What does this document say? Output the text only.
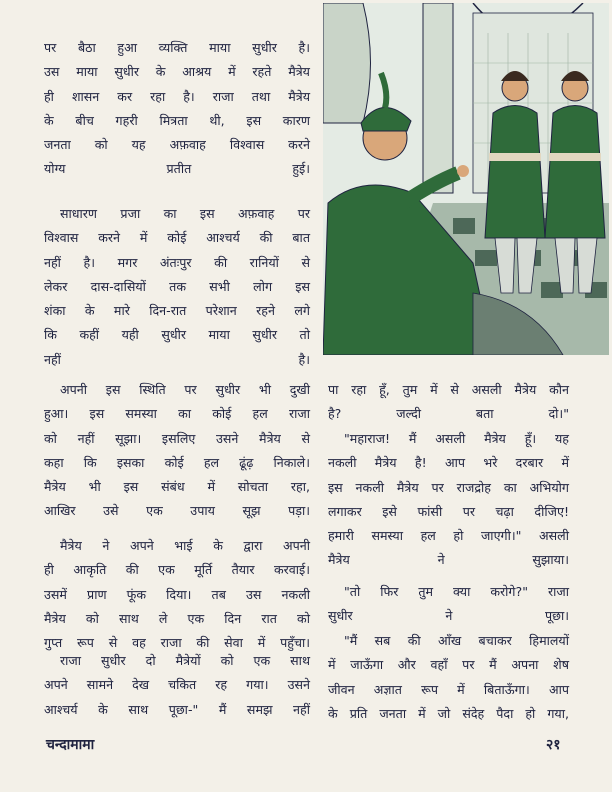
पर बैठा हुआ व्यक्ति माया सुधीर है।
उस माया सुधीर के आश्रय में रहते मैत्रेय
ही शासन कर रहा है। राजा तथा मैत्रेय
के बीच गहरी मित्रता थी, इस कारण
जनता को यह अफ़वाह विश्वास करने
योग्य प्रतीत हुई।
साधारण प्रजा का इस अफ़वाह पर
विश्वास करने में कोई आश्चर्य की बात
नहीं है। मगर अंतःपुर की रानियों से
लेकर दास-दासियों तक सभी लोग इस
शंका के मारे दिन-रात परेशान रहने लगे
कि कहीं यही सुधीर माया सुधीर तो
नहीं है।
अपनी इस स्थिति पर सुधीर भी दुखी
हुआ। इस समस्या का कोई हल राजा
को नहीं सूझा। इसलिए उसने मैत्रेय से
कहा कि इसका कोई हल ढूंढ़ निकाले।
मैत्रेय भी इस संबंध में सोचता रहा,
आखिर उसे एक उपाय सूझ पड़ा।
मैत्रेय ने अपने भाई के द्वारा अपनी
ही आकृति की एक मूर्ति तैयार करवाई।
उसमें प्राण फूंक दिया। तब उस नकली
मैत्रेय को साथ ले एक दिन रात को
गुप्त रूप से वह राजा की सेवा में पहुँचा।
राजा सुधीर दो मैत्रेयों को एक साथ
अपने सामने देख चकित रह गया। उसने
आश्चर्य के साथ पूछा-" मैं समझ नहीं
पा रहा हूँ, तुम में से असली मैत्रेय कौन
है? जल्दी बता दो।"
"महाराज! मैं असली मैत्रेय हूँ। यह
नकली मैत्रेय है! आप भरे दरबार में
इस नकली मैत्रेय पर राजद्रोह का अभियोग
लगाकर इसे फांसी पर चढ़ा दीजिए!
हमारी समस्या हल हो जाएगी।" असली
मैत्रेय ने सुझाया।
"तो फिर तुम क्या करोगे?" राजा
सुधीर ने पूछा।
"मैं सब की आँख बचाकर हिमालयों
में जाऊँगा और वहाँ पर मैं अपना शेष
जीवन अज्ञात रूप में बिताऊँगा। आप
के प्रति जनता में जो संदेह पैदा हो गया,
चन्दामामा	२१
